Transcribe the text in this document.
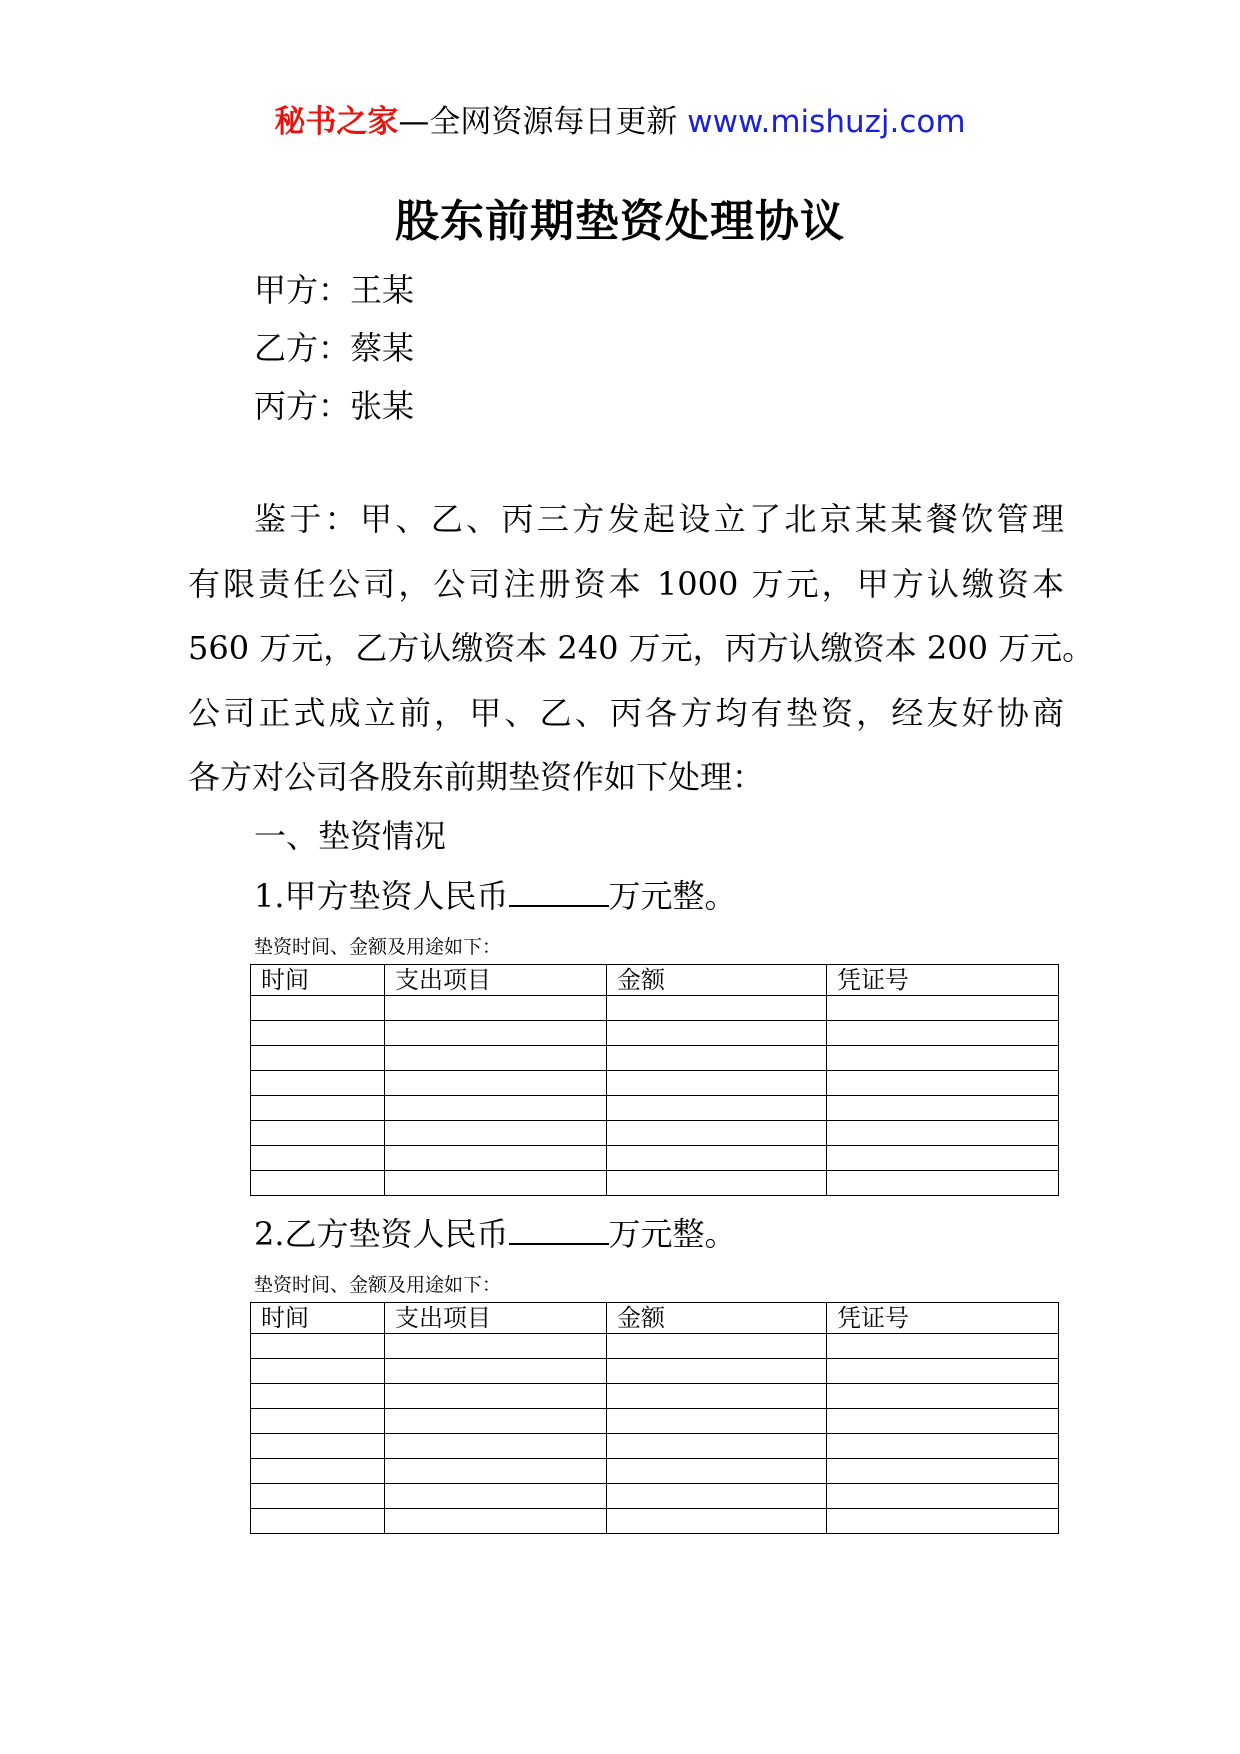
秘书之家—全网资源每日更新 www.mishuzj.com
股东前期垫资处理协议
甲方：王某
乙方：蔡某
丙方：张某
鉴于：甲、乙、丙三方发起设立了北京某某餐饮管理
有限责任公司，公司注册资本 1000 万元，甲方认缴资本
560 万元，乙方认缴资本 240 万元，丙方认缴资本 200 万元。
公司正式成立前，甲、乙、丙各方均有垫资，经友好协商
各方对公司各股东前期垫资作如下处理：
一、垫资情况
1.甲方垫资人民币	万元整。
垫资时间、金额及用途如下：
时间	支出项目	金额	凭证号

2.乙方垫资人民币	万元整。
垫资时间、金额及用途如下：
时间	支出项目	金额	凭证号
